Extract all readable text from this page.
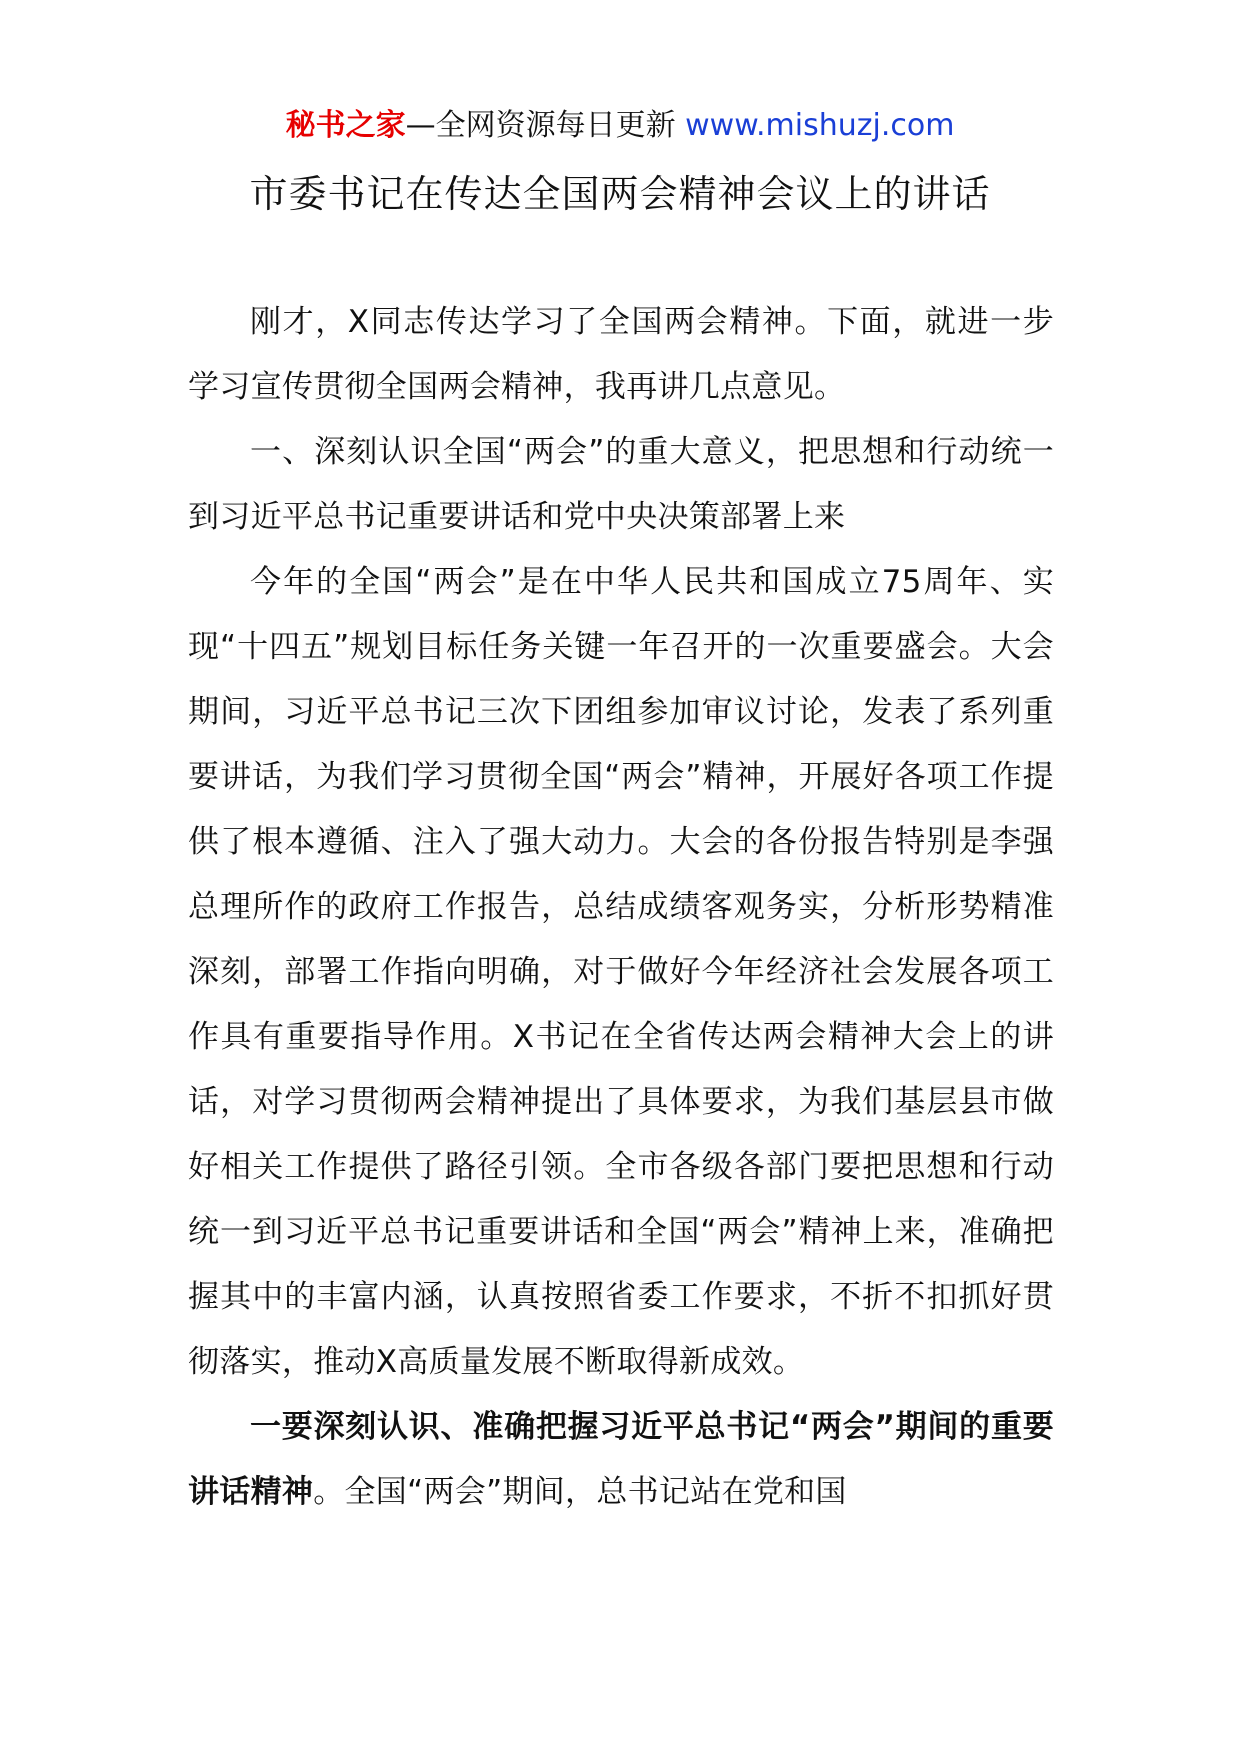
秘书之家—全网资源每日更新 www.mishuzj.com
市委书记在传达全国两会精神会议上的讲话

刚才，X同志传达学习了全国两会精神。下面，就进一步学习宣传贯彻全国两会精神，我再讲几点意见。

一、深刻认识全国“两会”的重大意义，把思想和行动统一到习近平总书记重要讲话和党中央决策部署上来

今年的全国“两会”是在中华人民共和国成立75周年、实现“十四五”规划目标任务关键一年召开的一次重要盛会。大会期间，习近平总书记三次下团组参加审议讨论，发表了系列重要讲话，为我们学习贯彻全国“两会”精神，开展好各项工作提供了根本遵循、注入了强大动力。大会的各份报告特别是李强总理所作的政府工作报告，总结成绩客观务实，分析形势精准深刻，部署工作指向明确，对于做好今年经济社会发展各项工作具有重要指导作用。X书记在全省传达两会精神大会上的讲话，对学习贯彻两会精神提出了具体要求，为我们基层县市做好相关工作提供了路径引领。全市各级各部门要把思想和行动统一到习近平总书记重要讲话和全国“两会”精神上来，准确把握其中的丰富内涵，认真按照省委工作要求，不折不扣抓好贯彻落实，推动X高质量发展不断取得新成效。

一要深刻认识、准确把握习近平总书记“两会”期间的重要讲话精神。全国“两会”期间，总书记站在党和国
